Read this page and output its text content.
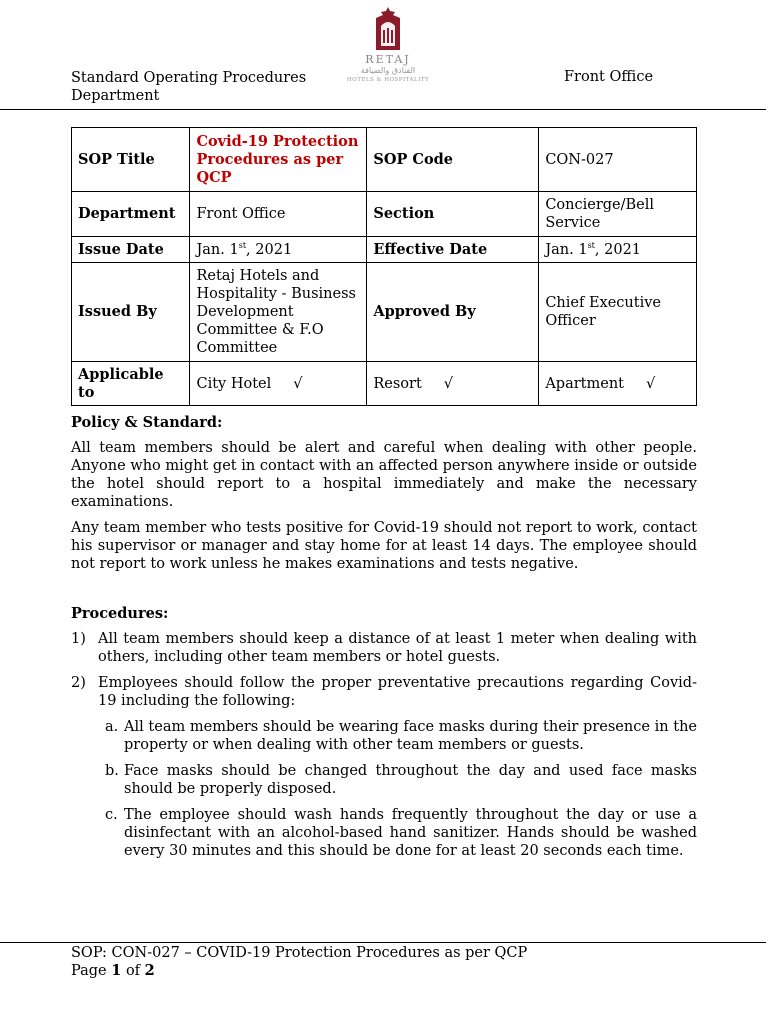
Standard Operating Procedures
Department
RETAJ
الفنادق والضيافة
HOTELS & HOSPITALITY	Front Office
SOP Title	Covid-19 Protection Procedures as per QCP	SOP Code	CON-027
Department	Front Office	Section	Concierge/Bell Service
Issue Date	Jan. 1st, 2021	Effective Date	Jan. 1st, 2021
Issued By	Retaj Hotels and Hospitality - Business Development Committee & F.O Committee	Approved By	Chief Executive Officer
Applicable to	City Hotel √	Resort √	Apartment √
Policy & Standard:

All team members should be alert and careful when dealing with other people. Anyone who might get in contact with an affected person anywhere inside or outside the hotel should report to a hospital immediately and make the necessary examinations.

Any team member who tests positive for Covid-19 should not report to work, contact his supervisor or manager and stay home for at least 14 days. The employee should not report to work unless he makes examinations and tests negative.

Procedures:
1) All team members should keep a distance of at least 1 meter when dealing with others, including other team members or hotel guests.
2) Employees should follow the proper preventative precautions regarding Covid-19 including the following:
a. All team members should be wearing face masks during their presence in the property or when dealing with other team members or guests.
b. Face masks should be changed throughout the day and used face masks should be properly disposed.
c. The employee should wash hands frequently throughout the day or use a disinfectant with an alcohol-based hand sanitizer. Hands should be washed every 30 minutes and this should be done for at least 20 seconds each time.
SOP: CON-027 – COVID-19 Protection Procedures as per QCP
Page 1 of 2
